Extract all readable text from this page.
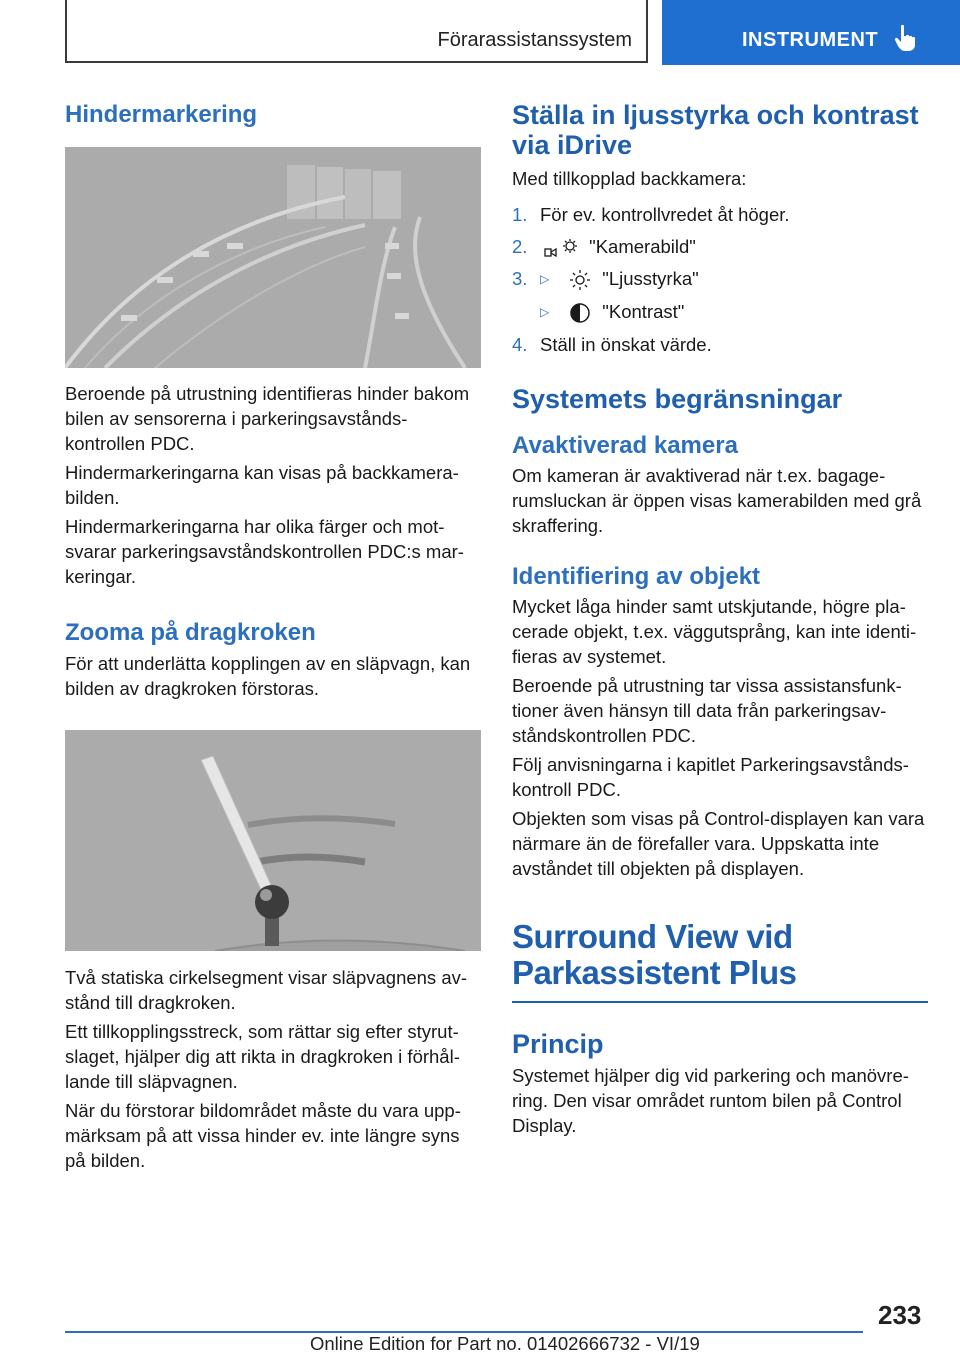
Förarassistanssystem	INSTRUMENT
Hindermarkering

Beroende på utrustning identifieras hinder bakom bilen av sensorerna i parkeringsavstånds-kontrollen PDC.

Hindermarkeringarna kan visas på backkamera-bilden.

Hindermarkeringarna har olika färger och mot-svarar parkeringsavståndskontrollen PDC:s mar-keringar.

Zooma på dragkroken

För att underlätta kopplingen av en släpvagn, kan bilden av dragkroken förstoras.

Två statiska cirkelsegment visar släpvagnens av-stånd till dragkroken.

Ett tillkopplingsstreck, som rättar sig efter styrut-slaget, hjälper dig att rikta in dragkroken i förhål-lande till släpvagnen.

När du förstorar bildområdet måste du vara upp-märksam på att vissa hinder ev. inte längre syns på bilden.

Ställa in ljusstyrka och kontrast via iDrive

Med tillkopplad backkamera:

1. För ev. kontrollvredet åt höger.
2.	"Kamerabild"
3. ▷	"Ljusstyrka"
▷	"Kontrast"
4. Ställ in önskat värde.
Systemets begränsningar
Avaktiverad kamera

Om kameran är avaktiverad när t.ex. bagage-rumsluckan är öppen visas kamerabilden med grå skraffering.

Identifiering av objekt

Mycket låga hinder samt utskjutande, högre pla-cerade objekt, t.ex. väggutsprång, kan inte identi-fieras av systemet.

Beroende på utrustning tar vissa assistansfunk-tioner även hänsyn till data från parkeringsav-ståndskontrollen PDC.

Följ anvisningarna i kapitlet Parkeringsavstånds-kontroll PDC.

Objekten som visas på Control-displayen kan vara närmare än de förefaller vara. Uppskatta inte avståndet till objekten på displayen.

Surround View vid Parkassistent Plus
Princip

Systemet hjälper dig vid parkering och manövre-ring. Den visar området runtom bilen på Control Display.

233
Online Edition for Part no. 01402666732 - VI/19
